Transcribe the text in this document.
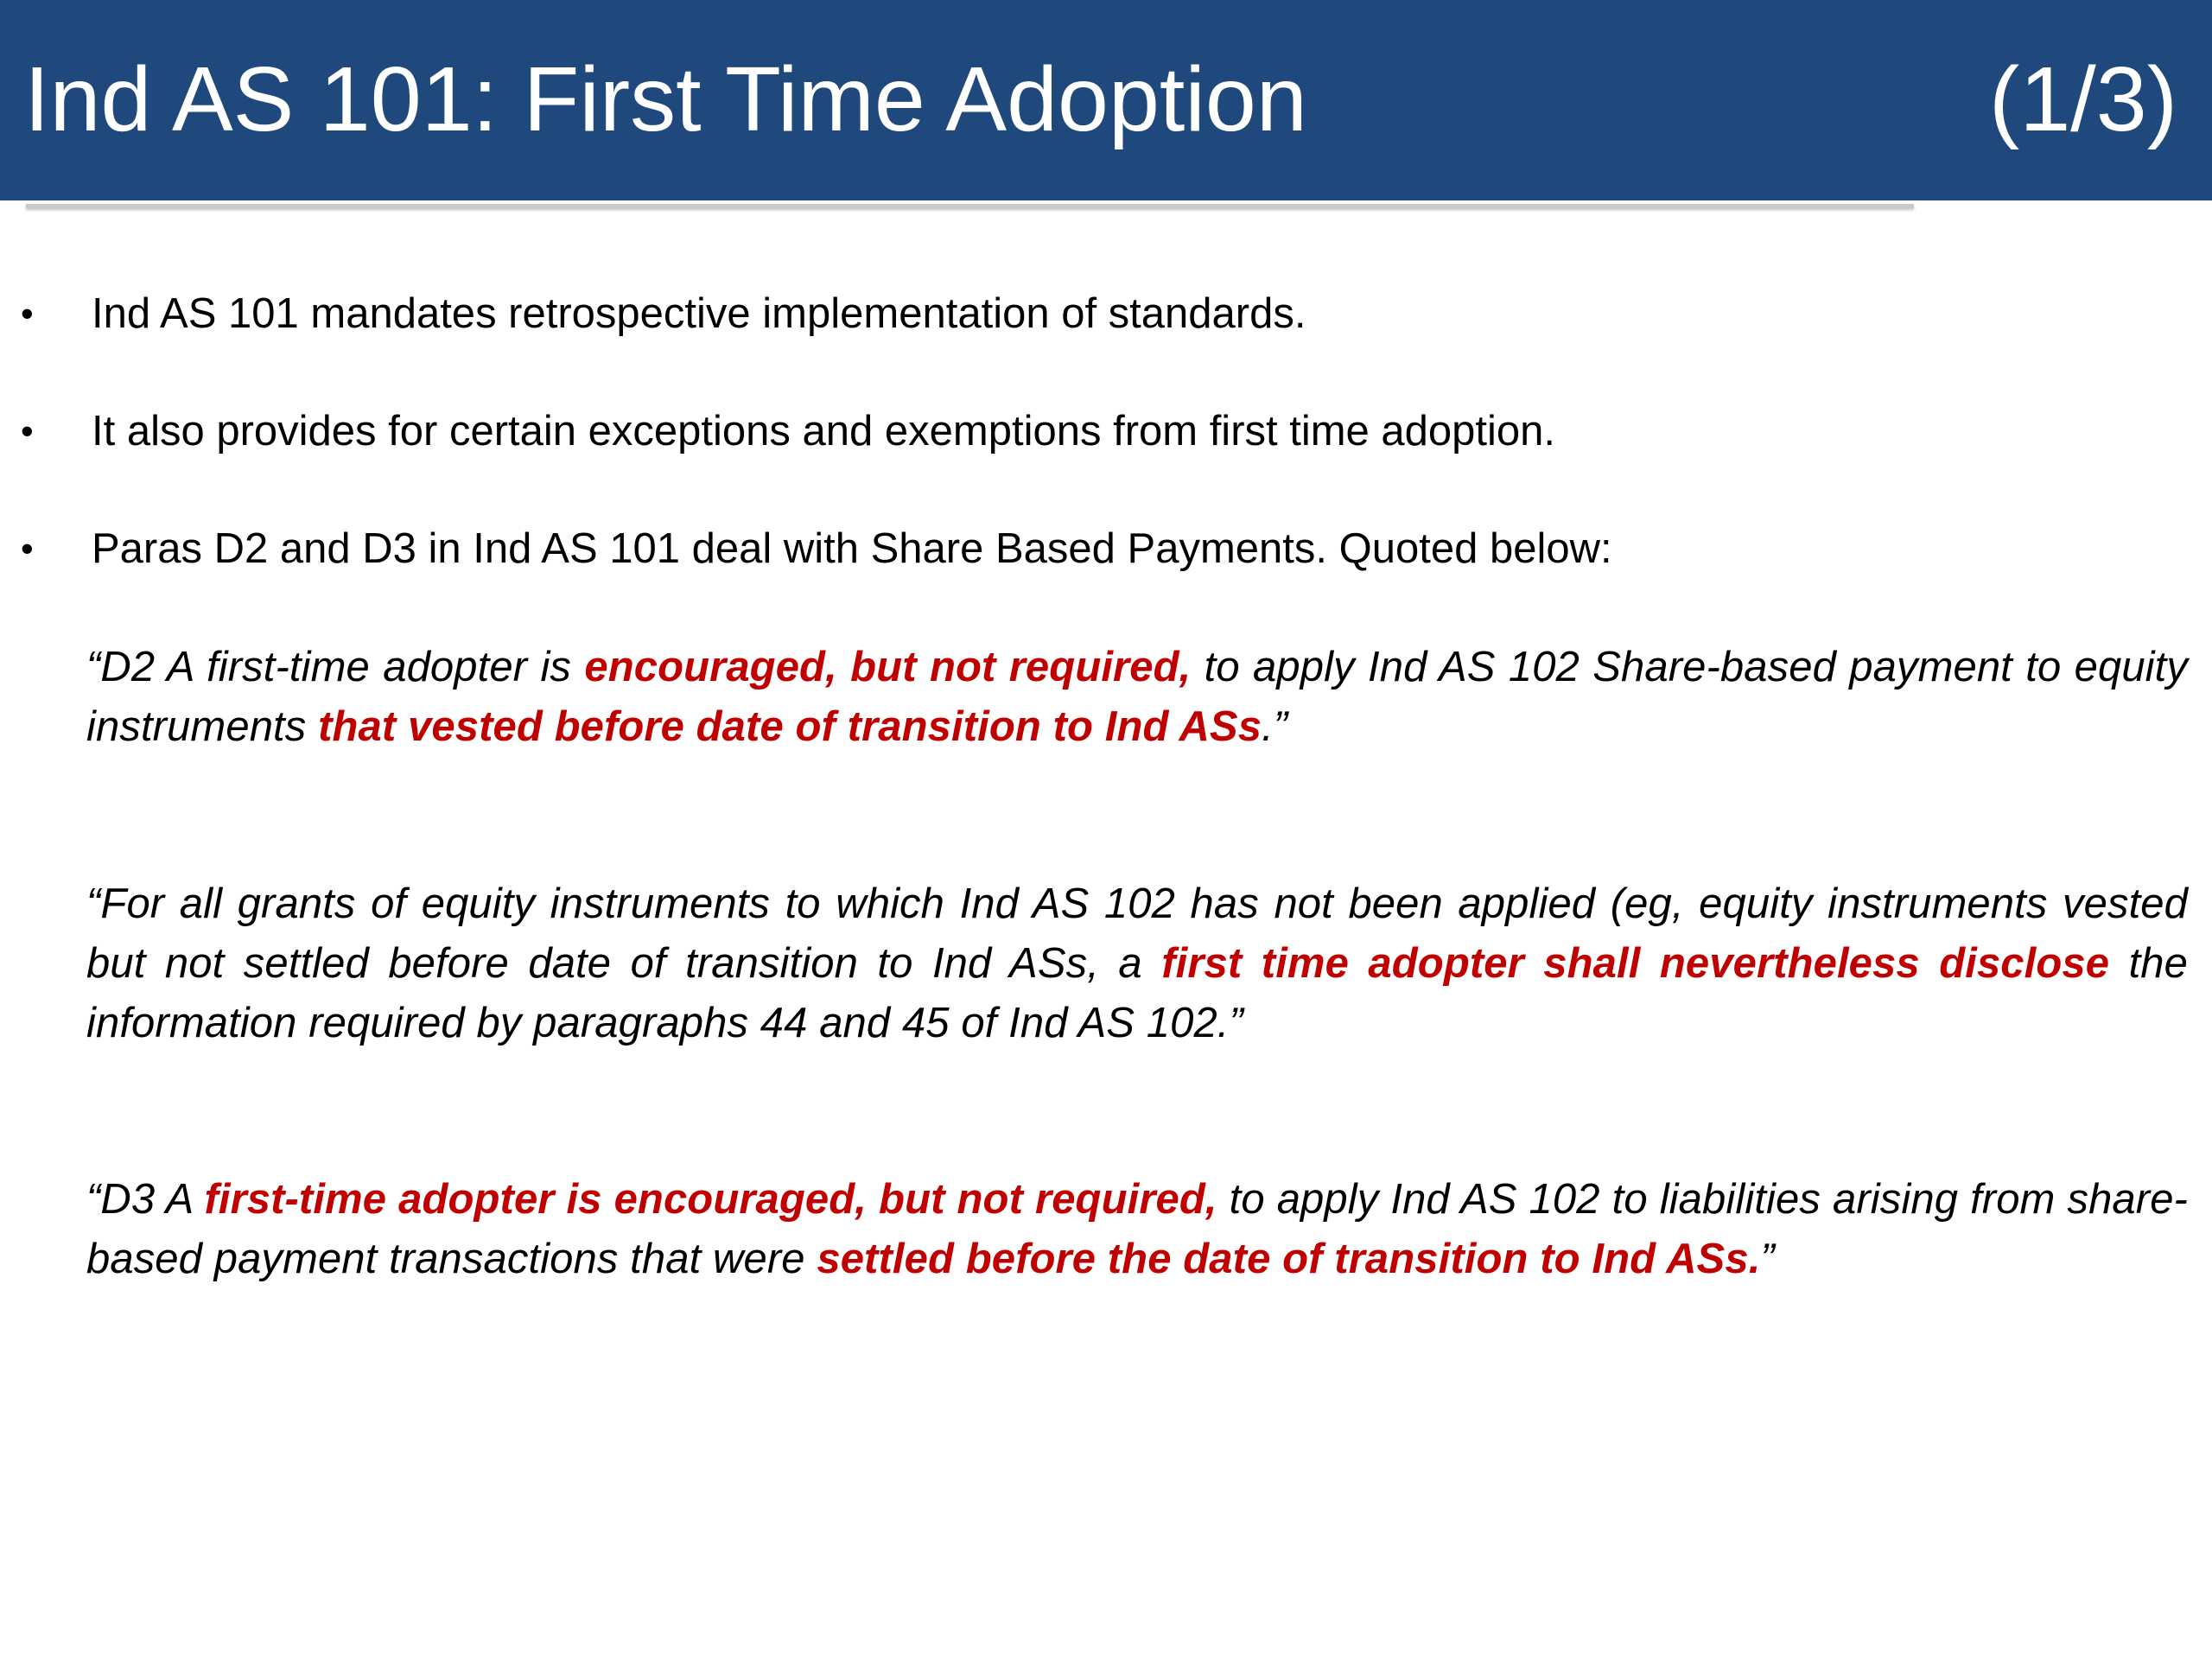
Ind AS 101: First Time Adoption	(1/3)
• Ind AS 101 mandates retrospective implementation of standards.
• It also provides for certain exceptions and exemptions from first time adoption.
• Paras D2 and D3 in Ind AS 101 deal with Share Based Payments. Quoted below:
“D2 A first-time adopter is encouraged, but not required, to apply Ind AS 102 Share-based payment to equity instruments that vested before date of transition to Ind ASs.”
“For all grants of equity instruments to which Ind AS 102 has not been applied (eg, equity instruments vested but not settled before date of transition to Ind ASs, a first time adopter shall nevertheless disclose the information required by paragraphs 44 and 45 of Ind AS 102.”
“D3 A first-time adopter is encouraged, but not required, to apply Ind AS 102 to liabilities arising from share-based payment transactions that were settled before the date of transition to Ind ASs.”
